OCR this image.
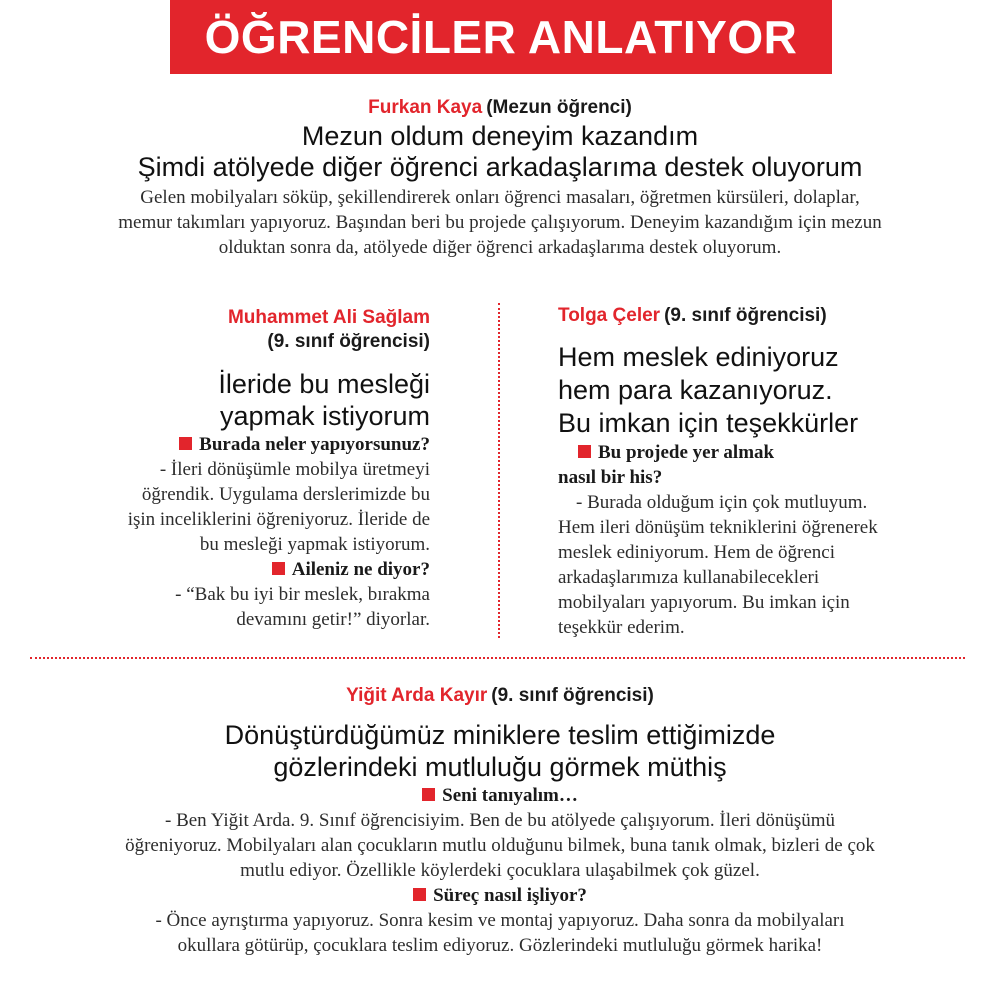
ÖĞRENCİLER ANLATIYOR
Furkan Kaya (Mezun öğrenci)
Mezun oldum deneyim kazandım
Şimdi atölyede diğer öğrenci arkadaşlarıma destek oluyorum
Gelen mobilyaları söküp, şekillendirerek onları öğrenci masaları, öğretmen kürsüleri, dolaplar,
memur takımları yapıyoruz. Başından beri bu projede çalışıyorum. Deneyim kazandığım için mezun
olduktan sonra da, atölyede diğer öğrenci arkadaşlarıma destek oluyorum.
Muhammet Ali Sağlam
(9. sınıf öğrencisi)
İleride bu mesleği
yapmak istiyorum
Burada neler yapıyorsunuz?
- İleri dönüşümle mobilya üretmeyi
öğrendik. Uygulama derslerimizde bu
işin inceliklerini öğreniyoruz. İleride de
bu mesleği yapmak istiyorum.
Aileniz ne diyor?
- “Bak bu iyi bir meslek, bırakma
devamını getir!” diyorlar.
Tolga Çeler (9. sınıf öğrencisi)
Hem meslek ediniyoruz
hem para kazanıyoruz.
Bu imkan için teşekkürler
Bu projede yer almak
nasıl bir his?
- Burada olduğum için çok mutluyum.
Hem ileri dönüşüm tekniklerini öğrenerek
meslek ediniyorum. Hem de öğrenci
arkadaşlarımıza kullanabilecekleri
mobilyaları yapıyorum. Bu imkan için
teşekkür ederim.
Yiğit Arda Kayır (9. sınıf öğrencisi)
Dönüştürdüğümüz miniklere teslim ettiğimizde
gözlerindeki mutluluğu görmek müthiş
Seni tanıyalım…
- Ben Yiğit Arda. 9. Sınıf öğrencisiyim. Ben de bu atölyede çalışıyorum. İleri dönüşümü
öğreniyoruz. Mobilyaları alan çocukların mutlu olduğunu bilmek, buna tanık olmak, bizleri de çok
mutlu ediyor. Özellikle köylerdeki çocuklara ulaşabilmek çok güzel.
Süreç nasıl işliyor?
- Önce ayrıştırma yapıyoruz. Sonra kesim ve montaj yapıyoruz. Daha sonra da mobilyaları
okullara götürüp, çocuklara teslim ediyoruz. Gözlerindeki mutluluğu görmek harika!
